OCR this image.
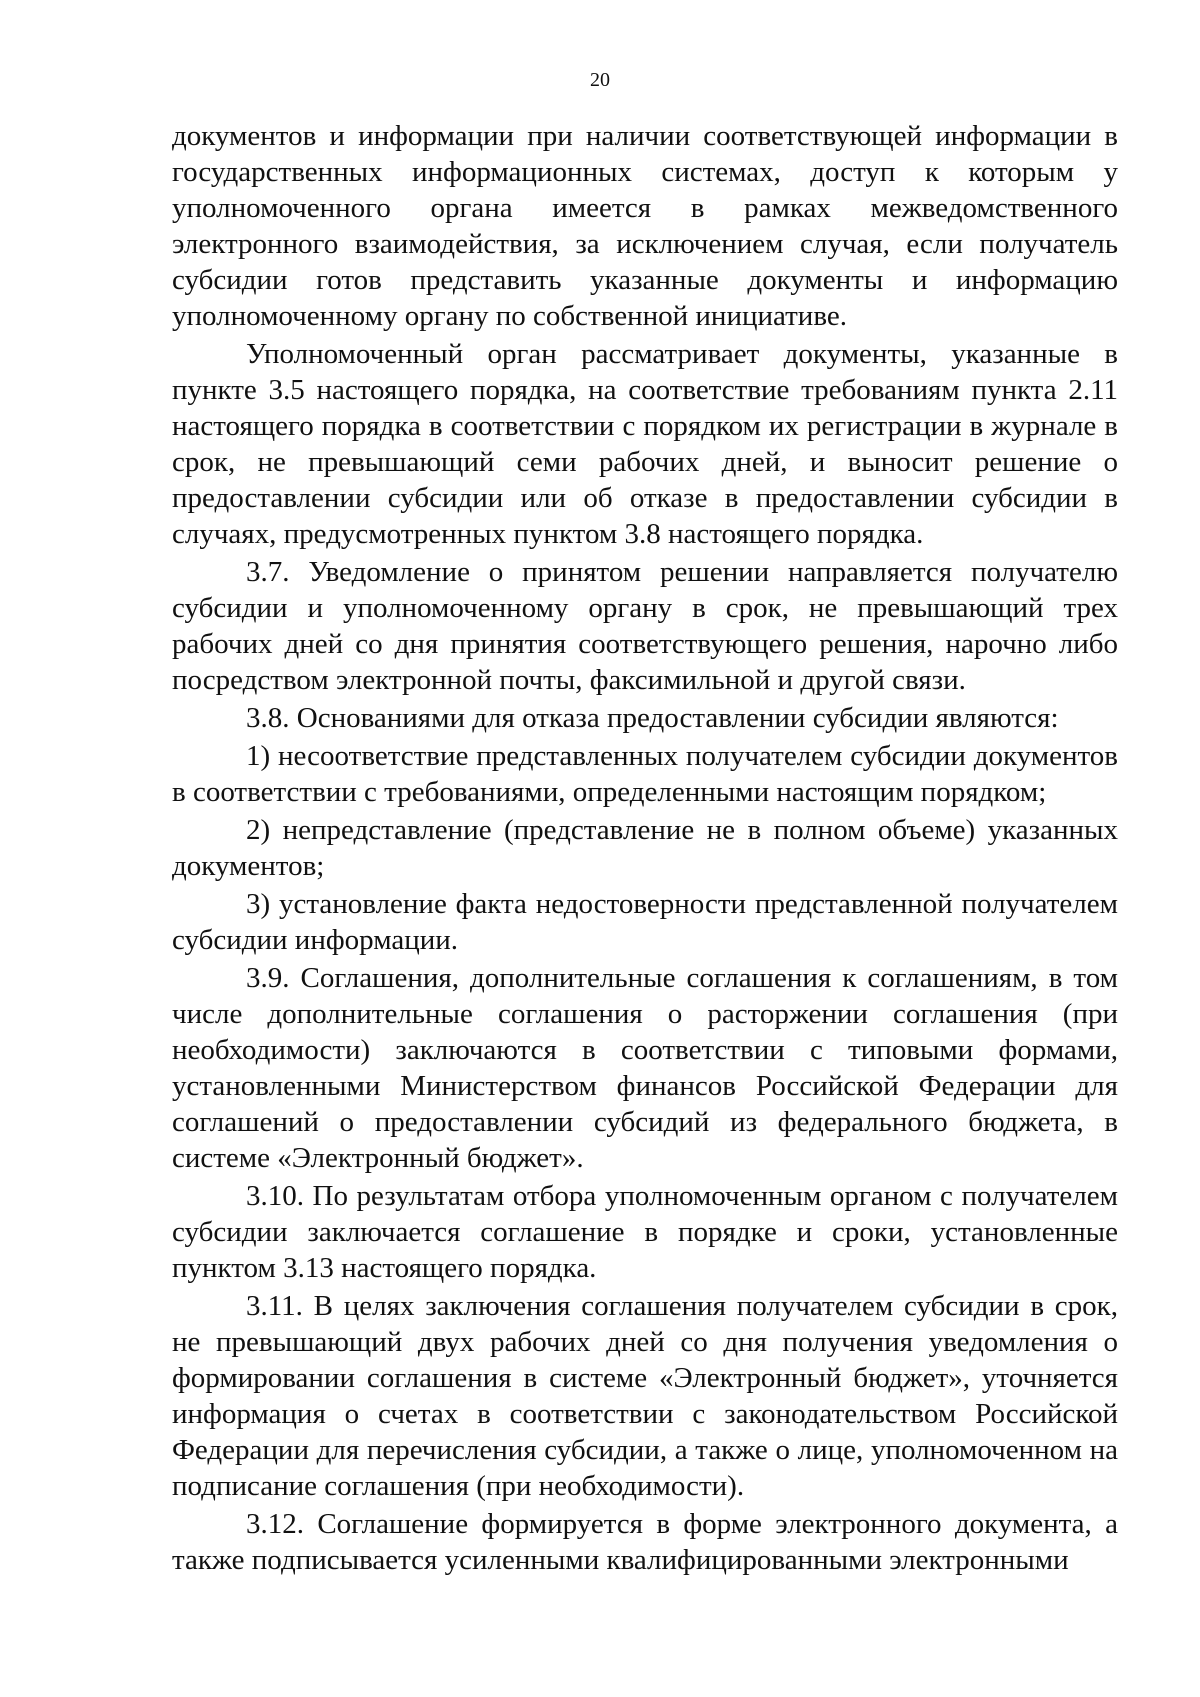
20

документов и информации при наличии соответствующей информации в государственных информационных системах, доступ к которым у уполномоченного органа имеется в рамках межведомственного электронного взаимодействия, за исключением случая, если получатель субсидии готов представить указанные документы и информацию уполномоченному органу по собственной инициативе.

Уполномоченный орган рассматривает документы, указанные в пункте 3.5 настоящего порядка, на соответствие требованиям пункта 2.11 настоящего порядка в соответствии с порядком их регистрации в журнале в срок, не превышающий семи рабочих дней, и выносит решение о предоставлении субсидии или об отказе в предоставлении субсидии в случаях, предусмотренных пунктом 3.8 настоящего порядка.

3.7. Уведомление о принятом решении направляется получателю субсидии и уполномоченному органу в срок, не превышающий трех рабочих дней со дня принятия соответствующего решения, нарочно либо посредством электронной почты, факсимильной и другой связи.

3.8. Основаниями для отказа предоставлении субсидии являются:

1) несоответствие представленных получателем субсидии документов в соответствии с требованиями, определенными настоящим порядком;

2) непредставление (представление не в полном объеме) указанных документов;

3) установление факта недостоверности представленной получателем субсидии информации.

3.9. Соглашения, дополнительные соглашения к соглашениям, в том числе дополнительные соглашения о расторжении соглашения (при необходимости) заключаются в соответствии с типовыми формами, установленными Министерством финансов Российской Федерации для соглашений о предоставлении субсидий из федерального бюджета, в системе «Электронный бюджет».

3.10. По результатам отбора уполномоченным органом с получателем субсидии заключается соглашение в порядке и сроки, установленные пунктом 3.13 настоящего порядка.

3.11. В целях заключения соглашения получателем субсидии в срок, не превышающий двух рабочих дней со дня получения уведомления о формировании соглашения в системе «Электронный бюджет», уточняется информация о счетах в соответствии с законодательством Российской Федерации для перечисления субсидии, а также о лице, уполномоченном на подписание соглашения (при необходимости).

3.12. Соглашение формируется в форме электронного документа, а также подписывается усиленными квалифицированными электронными
